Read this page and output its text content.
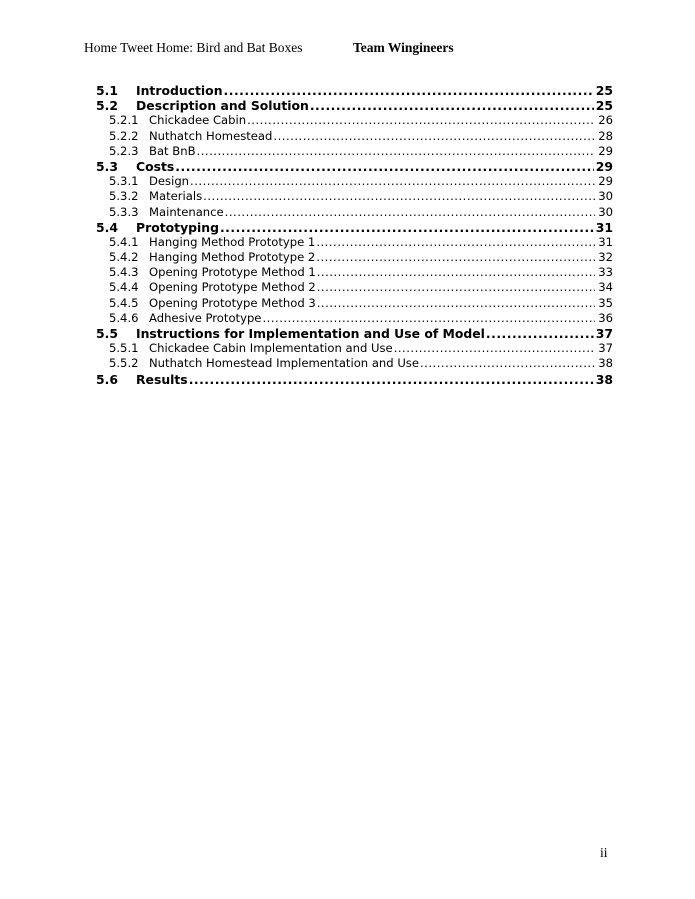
Home Tweet Home: Bird and Bat Boxes	Team Wingineers
5.1	Introduction .....	25
5.2	Description and Solution .....	25
5.2.1 Chickadee Cabin .....	26
5.2.2 Nuthatch Homestead .....	28
5.2.3 Bat BnB .....	29
5.3	Costs .....	29
5.3.1 Design .....	29
5.3.2 Materials .....	30
5.3.3 Maintenance .....	30
5.4	Prototyping .....	31
5.4.1 Hanging Method Prototype 1 .....	31
5.4.2 Hanging Method Prototype 2 .....	32
5.4.3 Opening Prototype Method 1 .....	33
5.4.4 Opening Prototype Method 2 .....	34
5.4.5 Opening Prototype Method 3 .....	35
5.4.6 Adhesive Prototype .....	36
5.5	Instructions for Implementation and Use of Model .....	37
5.5.1 Chickadee Cabin Implementation and Use .....	37
5.5.2 Nuthatch Homestead Implementation and Use .....	38
5.6	Results .....	38
ii
